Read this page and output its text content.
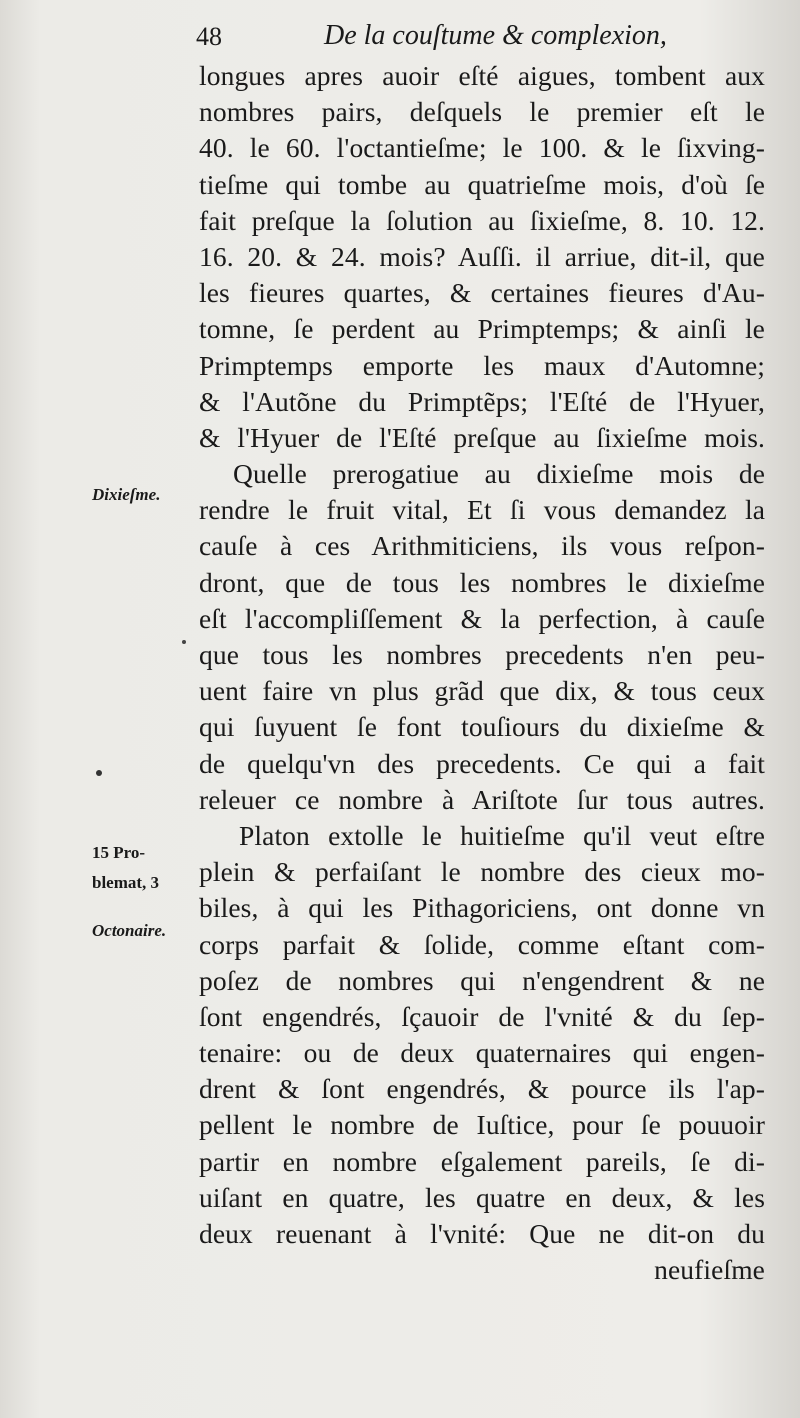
48	De la couſtume & complexion,
Dixieſme.
15 Pro-
blemat, 3
Octonaire.
longues apres auoir eſté aigues, tombent aux
nombres pairs, deſquels le premier eſt le
40. le 60. l'octantieſme; le 100. & le ſixving-
tieſme qui tombe au quatrieſme mois, d'où ſe
fait preſque la ſolution au ſixieſme, 8. 10. 12.
16. 20. & 24. mois? Auſſi. il arriue, dit-il, que
les fieures quartes, & certaines fieures d'Au-
tomne, ſe perdent au Primptemps; & ainſi le
Primptemps emporte les maux d'Automne;
& l'Autõne du Primptẽps; l'Eſté de l'Hyuer,
& l'Hyuer de l'Eſté preſque au ſixieſme mois.
Quelle prerogatiue au dixieſme mois de
rendre le fruit vital, Et ſi vous demandez la
cauſe à ces Arithmiticiens, ils vous reſpon-
dront, que de tous les nombres le dixieſme
eſt l'accompliſſement & la perfection, à cauſe
que tous les nombres precedents n'en peu-
uent faire vn plus grãd que dix, & tous ceux
qui ſuyuent ſe font touſiours du dixieſme &
de quelqu'vn des precedents. Ce qui a fait
releuer ce nombre à Ariſtote ſur tous autres.
Platon extolle le huitieſme qu'il veut eſtre
plein & perfaiſant le nombre des cieux mo-
biles, à qui les Pithagoriciens, ont donne vn
corps parfait & ſolide, comme eſtant com-
poſez de nombres qui n'engendrent & ne
ſont engendrés, ſçauoir de l'vnité & du ſep-
tenaire: ou de deux quaternaires qui engen-
drent & ſont engendrés, & pource ils l'ap-
pellent le nombre de Iuſtice, pour ſe pouuoir
partir en nombre eſgalement pareils, ſe di-
uiſant en quatre, les quatre en deux, & les
deux reuenant à l'vnité: Que ne dit-on du
neufieſme
